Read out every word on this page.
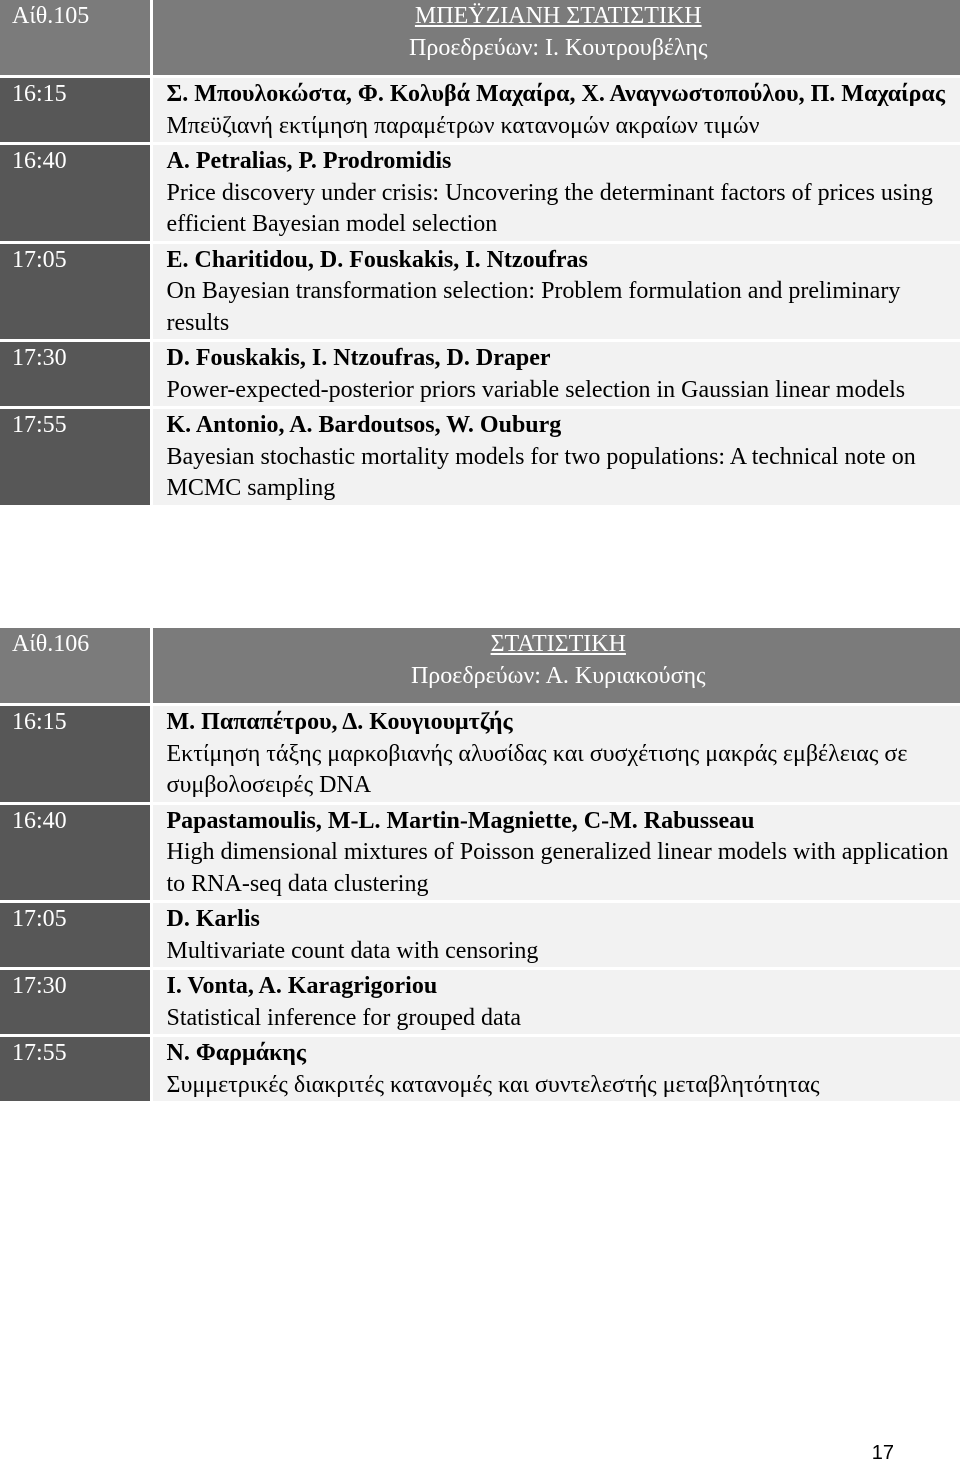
Αίθ.105	ΜΠΕΫΖΙΑΝΗ ΣΤΑΤΙΣΤΙΚΗ
Προεδρεύων: Ι. Κουτρουβέλης

16:15	Σ. Μπουλοκώστα, Φ. Κολυβά Μαχαίρα, Χ. Αναγνωστοπούλου, Π. Μαχαίρας
Μπεϋζιανή εκτίμηση παραμέτρων κατανομών ακραίων τιμών

16:40	A. Petralias, P. Prodromidis
Price discovery under crisis: Uncovering the determinant factors of prices using efficient Bayesian model selection

17:05	E. Charitidou, D. Fouskakis, I. Ntzoufras
On Bayesian transformation selection: Problem formulation and preliminary results

17:30	D. Fouskakis, I. Ntzoufras, D. Draper
Power-expected-posterior priors variable selection in Gaussian linear models

17:55	K. Antonio, A. Bardoutsos, W. Ouburg
Bayesian stochastic mortality models for two populations: A technical note on MCMC sampling
Αίθ.106	ΣΤΑΤΙΣΤΙΚΗ
Προεδρεύων: Α. Κυριακούσης

16:15	Μ. Παπαπέτρου, Δ. Κουγιουμτζής
Εκτίμηση τάξης μαρκοβιανής αλυσίδας και συσχέτισης μακράς εμβέλειας σε συμβολοσειρές DNA

16:40	Papastamoulis, M-L. Martin-Magniette, C-M. Rabusseau
High dimensional mixtures of Poisson generalized linear models with application to RNA-seq data clustering

17:05	D. Karlis
Multivariate count data with censoring

17:30	I. Vonta, A. Karagrigoriou
Statistical inference for grouped data

17:55	Ν. Φαρμάκης
Συμμετρικές διακριτές κατανομές και συντελεστής μεταβλητότητας
17
